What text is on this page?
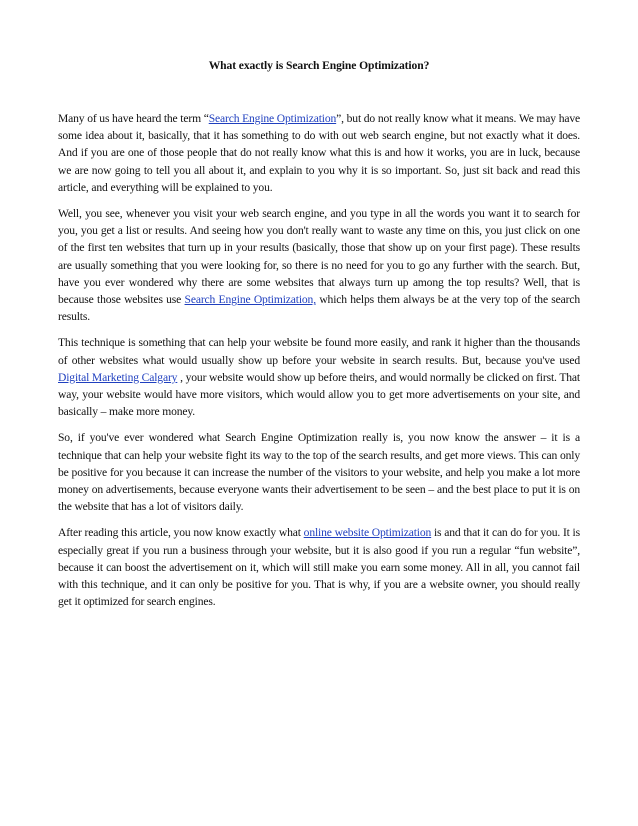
What exactly is Search Engine Optimization?

Many of us have heard the term “Search Engine Optimization”, but do not really know what it means. We may have some idea about it, basically, that it has something to do with out web search engine, but not exactly what it does. And if you are one of those people that do not really know what this is and how it works, you are in luck, because we are now going to tell you all about it, and explain to you why it is so important. So, just sit back and read this article, and everything will be explained to you.

Well, you see, whenever you visit your web search engine, and you type in all the words you want it to search for you, you get a list or results. And seeing how you don't really want to waste any time on this, you just click on one of the first ten websites that turn up in your results (basically, those that show up on your first page). These results are usually something that you were looking for, so there is no need for you to go any further with the search. But, have you ever wondered why there are some websites that always turn up among the top results? Well, that is because those websites use Search Engine Optimization, which helps them always be at the very top of the search results.

This technique is something that can help your website be found more easily, and rank it higher than the thousands of other websites what would usually show up before your website in search results. But, because you've used Digital Marketing Calgary , your website would show up before theirs, and would normally be clicked on first. That way, your website would have more visitors, which would allow you to get more advertisements on your site, and basically – make more money.

So, if you've ever wondered what Search Engine Optimization really is, you now know the answer – it is a technique that can help your website fight its way to the top of the search results, and get more views. This can only be positive for you because it can increase the number of the visitors to your website, and help you make a lot more money on advertisements, because everyone wants their advertisement to be seen – and the best place to put it is on the website that has a lot of visitors daily.

After reading this article, you now know exactly what online website Optimization is and that it can do for you. It is especially great if you run a business through your website, but it is also good if you run a regular “fun website”, because it can boost the advertisement on it, which will still make you earn some money. All in all, you cannot fail with this technique, and it can only be positive for you. That is why, if you are a website owner, you should really get it optimized for search engines.
